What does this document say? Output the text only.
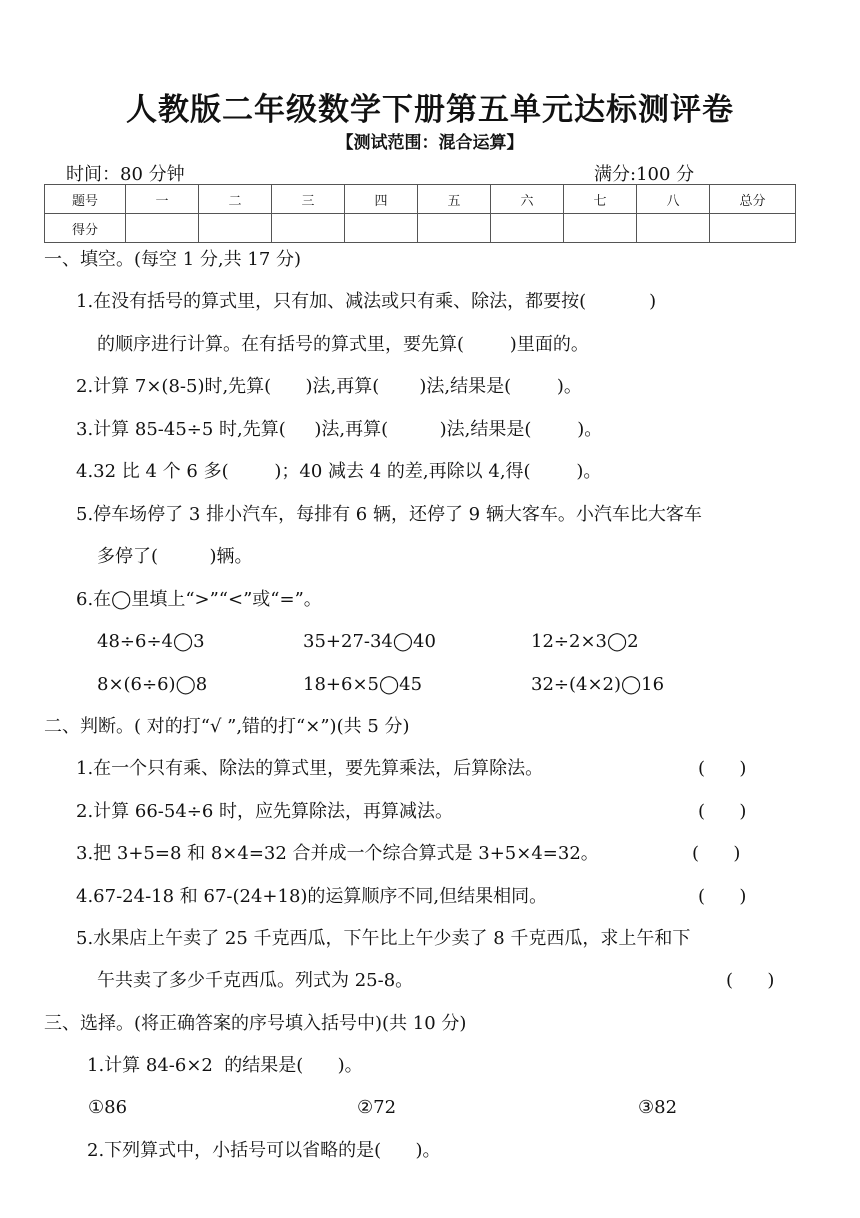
人教版二年级数学下册第五单元达标测评卷
【测试范围：混合运算】
时间：80 分钟	满分:100 分
题号	一	二	三	四	五	六	七	八	总分
得分									
一、填空。(每空 1 分,共 17 分)
1.在没有括号的算式里，只有加、减法或只有乘、除法，都要按(           )
的顺序进行计算。在有括号的算式里，要先算(        )里面的。
2.计算 7×(8-5)时,先算(      )法,再算(       )法,结果是(        )。
3.计算 85-45÷5 时,先算(     )法,再算(         )法,结果是(        )。
4.32 比 4 个 6 多(        )；40 减去 4 的差,再除以 4,得(        )。
5.停车场停了 3 排小汽车，每排有 6 辆，还停了 9 辆大客车。小汽车比大客车
多停了(         )辆。
6.在◯里填上“>”“<”或“=”。
48÷6÷4◯3	35+27-34◯40	12÷2×3◯2
8×(6÷6)◯8	18+6×5◯45	32÷(4×2)◯16
二、判断。( 对的打“√ ”,错的打“×”)(共 5 分)
1.在一个只有乘、除法的算式里，要先算乘法，后算除法。	(      )
2.计算 66-54÷6 时，应先算除法，再算减法。	(      )
3.把 3+5=8 和 8×4=32 合并成一个综合算式是 3+5×4=32。	(      )
4.67-24-18 和 67-(24+18)的运算顺序不同,但结果相同。	(      )
5.水果店上午卖了 25 千克西瓜，下午比上午少卖了 8 千克西瓜，求上午和下
午共卖了多少千克西瓜。列式为 25-8。	(      )
三、选择。(将正确答案的序号填入括号中)(共 10 分)
1.计算 84-6×2  的结果是(      )。
①86	②72	③82
2.下列算式中，小括号可以省略的是(      )。
